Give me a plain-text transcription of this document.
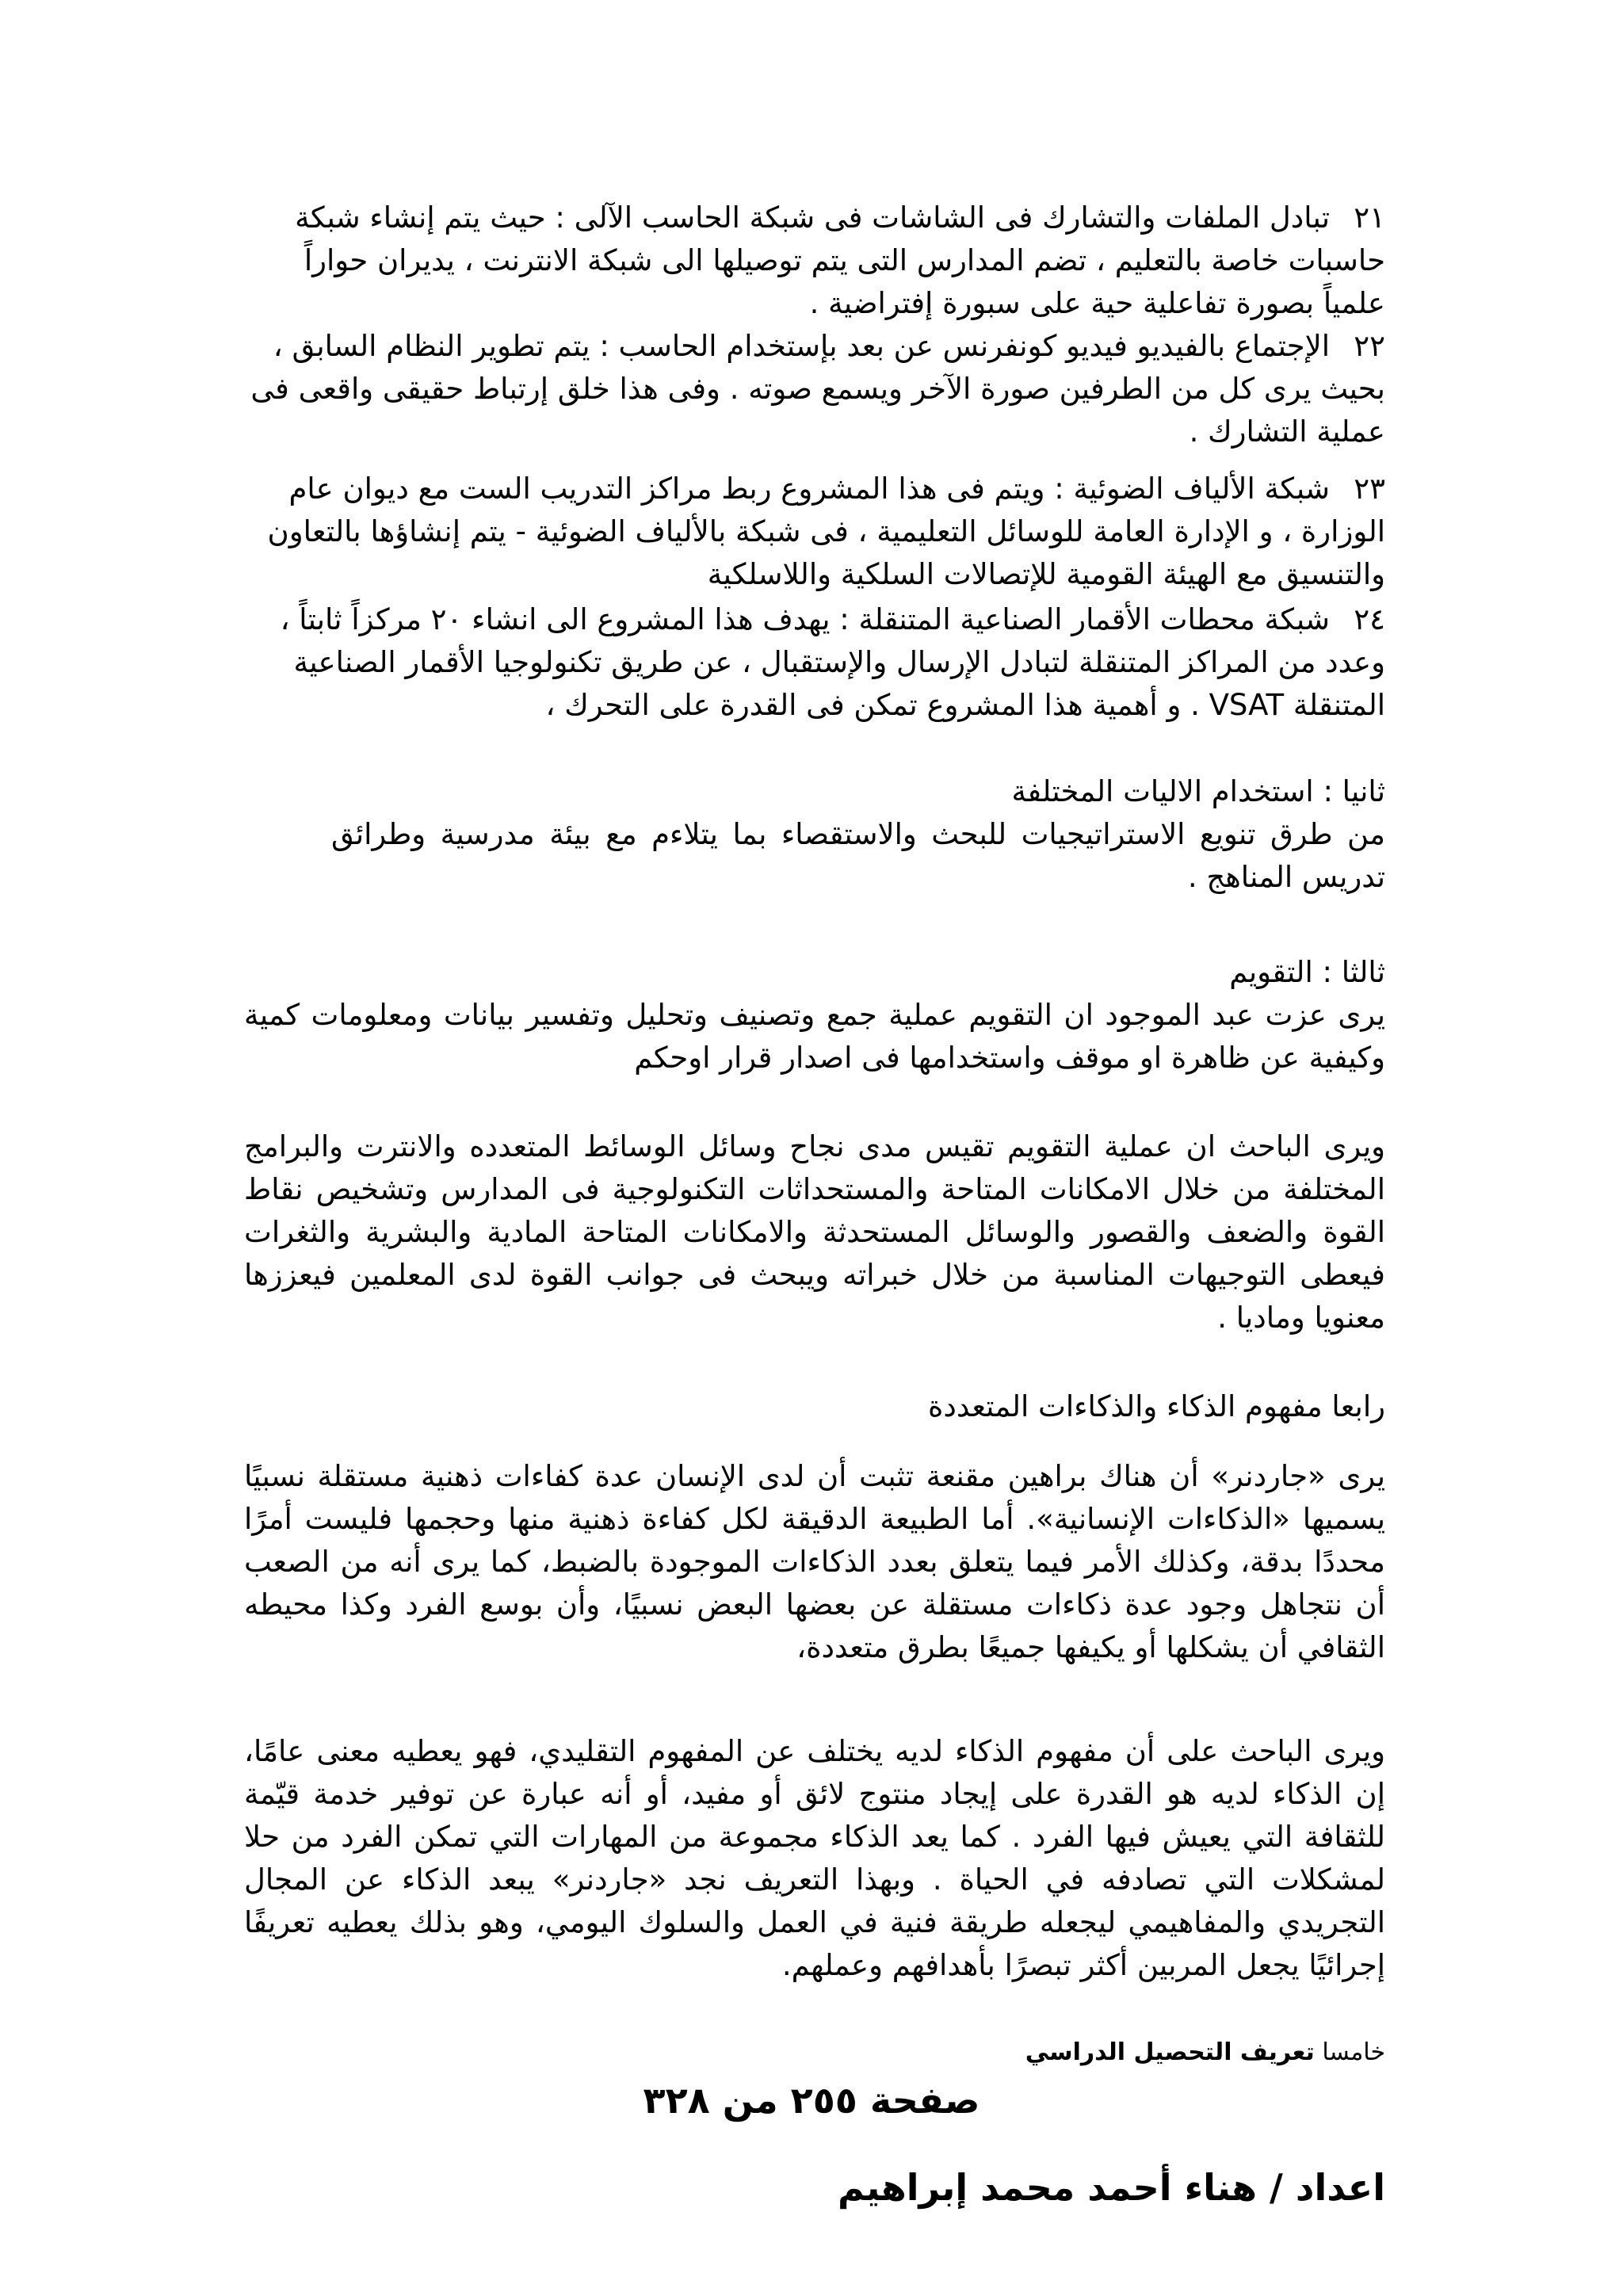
٢١تبادل الملفات والتشارك فى الشاشات فى شبكة الحاسب الآلى : حيث يتم إنشاء شبكة حاسبات خاصة بالتعليم ، تضم المدارس التى يتم توصيلها الى شبكة الانترنت ، يديران حواراً علمياً بصورة تفاعلية حية على سبورة إفتراضية .
٢٢الإجتماع بالفيديو فيديو كونفرنس عن بعد بإستخدام الحاسب : يتم تطوير النظام السابق ، بحيث يرى كل من الطرفين صورة الآخر ويسمع صوته . وفى هذا خلق إرتباط حقيقى واقعى فى عملية التشارك .
٢٣شبكة الألياف الضوئية : ويتم فى هذا المشروع ربط مراكز التدريب الست مع ديوان عام الوزارة ، و الإدارة العامة للوسائل التعليمية ، فى شبكة بالألياف الضوئية - يتم إنشاؤها بالتعاون والتنسيق مع الهيئة القومية للإتصالات السلكية واللاسلكية
٢٤شبكة محطات الأقمار الصناعية المتنقلة : يهدف هذا المشروع الى انشاء ٢٠ مركزاً ثابتاً ، وعدد من المراكز المتنقلة لتبادل الإرسال والإستقبال ، عن طريق تكنولوجيا الأقمار الصناعية المتنقلة VSAT . و أهمية هذا المشروع تمكن فى القدرة على التحرك ،
ثانيا : استخدام الاليات المختلفة
من طرق تنويع الاستراتيجيات للبحث والاستقصاء بما يتلاءم مع بيئة مدرسية وطرائق تدريس المناهج .
ثالثا : التقويم
يرى عزت عبد الموجود ان التقويم عملية جمع وتصنيف وتحليل وتفسير بيانات ومعلومات كمية وكيفية عن ظاهرة او موقف واستخدامها فى اصدار قرار اوحكم
ويرى الباحث ان عملية التقويم تقيس مدى نجاح وسائل الوسائط المتعدده والانترت والبرامج المختلفة من خلال الامكانات المتاحة والمستحداثات التكنولوجية فى المدارس وتشخيص نقاط القوة والضعف والقصور والوسائل المستحدثة والامكانات المتاحة المادية والبشرية والثغرات فيعطى التوجيهات المناسبة من خلال خبراته ويبحث فى جوانب القوة لدى المعلمين فيعززها معنويا وماديا .
رابعا مفهوم الذكاء والذكاءات المتعددة
يرى «جاردنر» أن هناك براهين مقنعة تثبت أن لدى الإنسان عدة كفاءات ذهنية مستقلة نسبيًا يسميها «الذكاءات الإنسانية». أما الطبيعة الدقيقة لكل كفاءة ذهنية منها وحجمها فليست أمرًا محددًا بدقة، وكذلك الأمر فيما يتعلق بعدد الذكاءات الموجودة بالضبط، كما يرى أنه من الصعب أن نتجاهل وجود عدة ذكاءات مستقلة عن بعضها البعض نسبيًا، وأن بوسع الفرد وكذا محيطه الثقافي أن يشكلها أو يكيفها جميعًا بطرق متعددة،
ويرى الباحث على أن مفهوم الذكاء لديه يختلف عن المفهوم التقليدي، فهو يعطيه معنى عامًا، إن الذكاء لديه هو القدرة على إيجاد منتوج لائق أو مفيد، أو أنه عبارة عن توفير خدمة قيّمة للثقافة التي يعيش فيها الفرد . كما يعد الذكاء مجموعة من المهارات التي تمكن الفرد من حلا لمشكلات التي تصادفه في الحياة . وبهذا التعريف نجد «جاردنر» يبعد الذكاء عن المجال التجريدي والمفاهيمي ليجعله طريقة فنية في العمل والسلوك اليومي، وهو بذلك يعطيه تعريفًا إجرائيًا يجعل المربين أكثر تبصرًا بأهدافهم وعملهم.
خامسا تعريف التحصيل الدراسي
صفحة ٢٥٥ من ٣٢٨
اعداد / هناء أحمد محمد إبراهيم
